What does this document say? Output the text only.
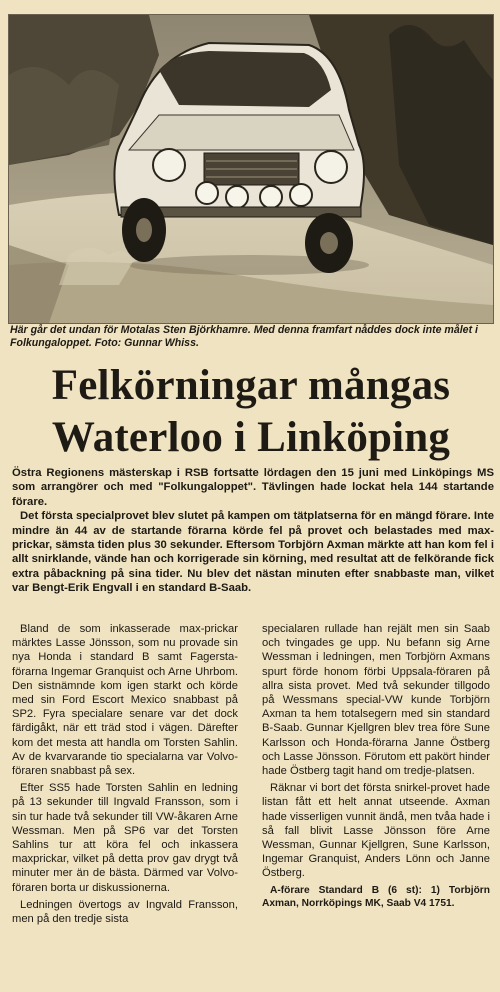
Här går det undan för Motalas Sten Björkhamre. Med denna framfart nåddes dock inte målet i Folkungaloppet. Foto: Gunnar Whiss.
Felkörningar mångas
Waterloo i Linköping

Östra Regionens mästerskap i RSB fortsatte lördagen den 15 juni med Linköpings MS som arrangörer och med "Folkungaloppet". Tävlingen hade lockat hela 144 startande förare.

Det första specialprovet blev slutet på kampen om tätplatserna för en mängd förare. Inte mindre än 44 av de startande förarna körde fel på provet och belastades med max-prickar, sämsta tiden plus 30 sekunder. Eftersom Torbjörn Axman märkte att han kom fel i allt snirklande, vände han och korrigerade sin körning, med resultat att de felkörande fick extra påbackning på sina tider. Nu blev det nästan minuten efter snabbaste man, vilket var Bengt-Erik Engvall i en standard B-Saab.

Bland de som inkasserade max-prickar märktes Lasse Jönsson, som nu provade sin nya Honda i standard B samt Fagersta-förarna Ingemar Granquist och Arne Uhrbom. Den sistnämnde kom igen starkt och körde med sin Ford Escort Mexico snabbast på SP2. Fyra specialare senare var det dock färdigåkt, när ett träd stod i vägen. Därefter kom det mesta att handla om Torsten Sahlin. Av de kvarvarande tio specialarna var Volvo-föraren snabbast på sex.

Efter SS5 hade Torsten Sahlin en ledning på 13 sekunder till Ingvald Fransson, som i sin tur hade två sekunder till VW-åkaren Arne Wessman. Men på SP6 var det Torsten Sahlins tur att köra fel och inkassera maxprickar, vilket på detta prov gav drygt två minuter mer än de bästa. Därmed var Volvo-föraren borta ur diskussionerna.

Ledningen övertogs av Ingvald Fransson, men på den tredje sista

specialaren rullade han rejält men sin Saab och tvingades ge upp. Nu befann sig Arne Wessman i ledningen, men Torbjörn Axmans spurt förde honom förbi Uppsala-föraren på allra sista provet. Med två sekunder tillgodo på Wessmans special-VW kunde Torbjörn Axman ta hem totalsegern med sin standard B-Saab. Gunnar Kjellgren blev trea före Sune Karlsson och Honda-förarna Janne Östberg och Lasse Jönsson. Förutom ett pakört hinder hade Östberg tagit hand om tredje-platsen.

Räknar vi bort det första snirkel-provet hade listan fått ett helt annat utseende. Axman hade visserligen vunnit ändå, men tvåa hade i så fall blivit Lasse Jönsson före Arne Wessman, Gunnar Kjellgren, Sune Karlsson, Ingemar Granquist, Anders Lönn och Janne Östberg.

A-förare Standard B (6 st): 1) Torbjörn Axman, Norrköpings MK, Saab V4 1751.
